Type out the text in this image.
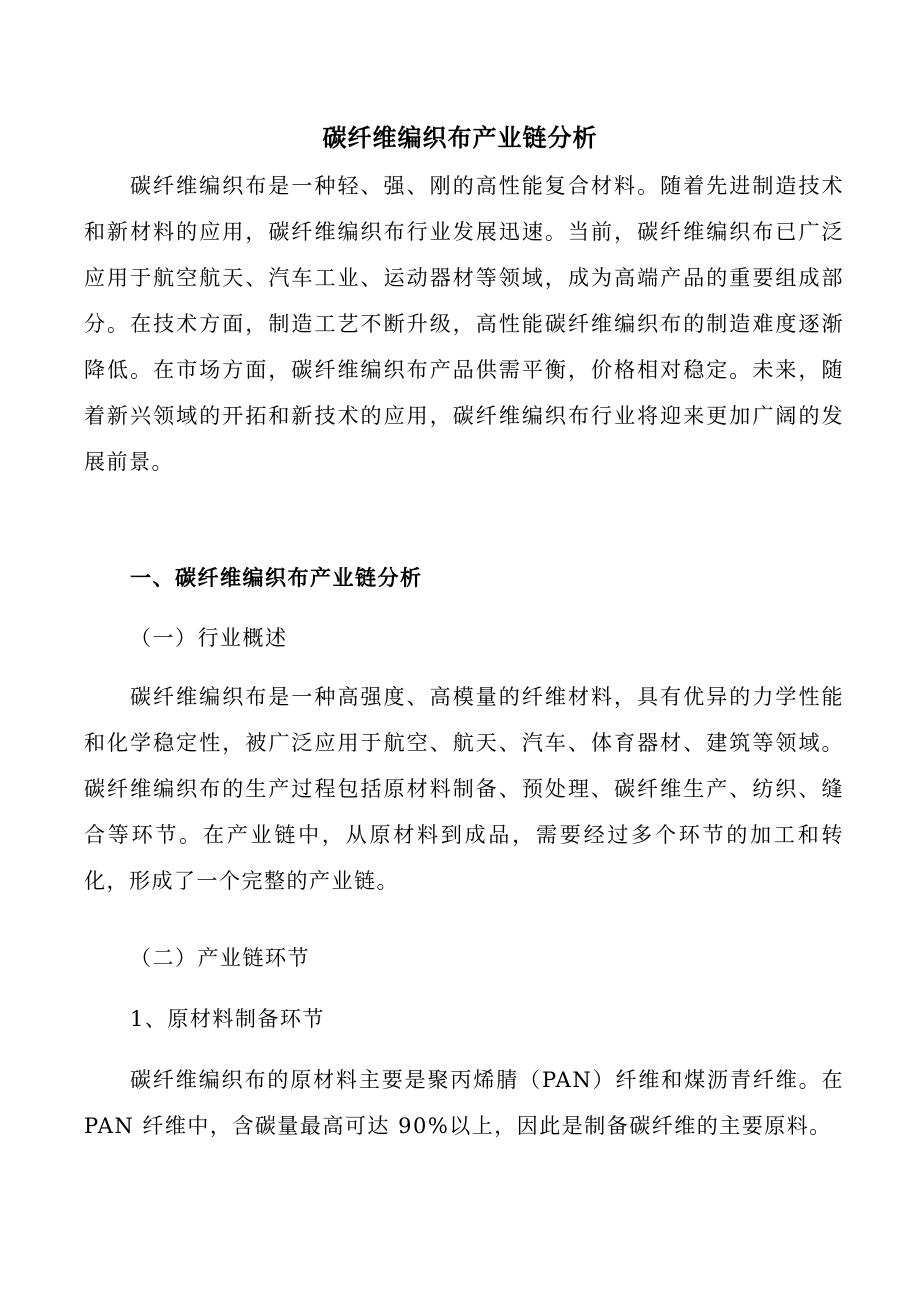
碳纤维编织布产业链分析

碳纤维编织布是一种轻、强、刚的高性能复合材料。随着先进制造技术和新材料的应用，碳纤维编织布行业发展迅速。当前，碳纤维编织布已广泛应用于航空航天、汽车工业、运动器材等领域，成为高端产品的重要组成部分。在技术方面，制造工艺不断升级，高性能碳纤维编织布的制造难度逐渐降低。在市场方面，碳纤维编织布产品供需平衡，价格相对稳定。未来，随着新兴领域的开拓和新技术的应用，碳纤维编织布行业将迎来更加广阔的发展前景。

一、碳纤维编织布产业链分析
（一）行业概述

碳纤维编织布是一种高强度、高模量的纤维材料，具有优异的力学性能和化学稳定性，被广泛应用于航空、航天、汽车、体育器材、建筑等领域。碳纤维编织布的生产过程包括原材料制备、预处理、碳纤维生产、纺织、缝合等环节。在产业链中，从原材料到成品，需要经过多个环节的加工和转化，形成了一个完整的产业链。

（二）产业链环节
1、原材料制备环节

碳纤维编织布的原材料主要是聚丙烯腈（PAN）纤维和煤沥青纤维。在 PAN 纤维中，含碳量最高可达 90%以上，因此是制备碳纤维的主要原料。
